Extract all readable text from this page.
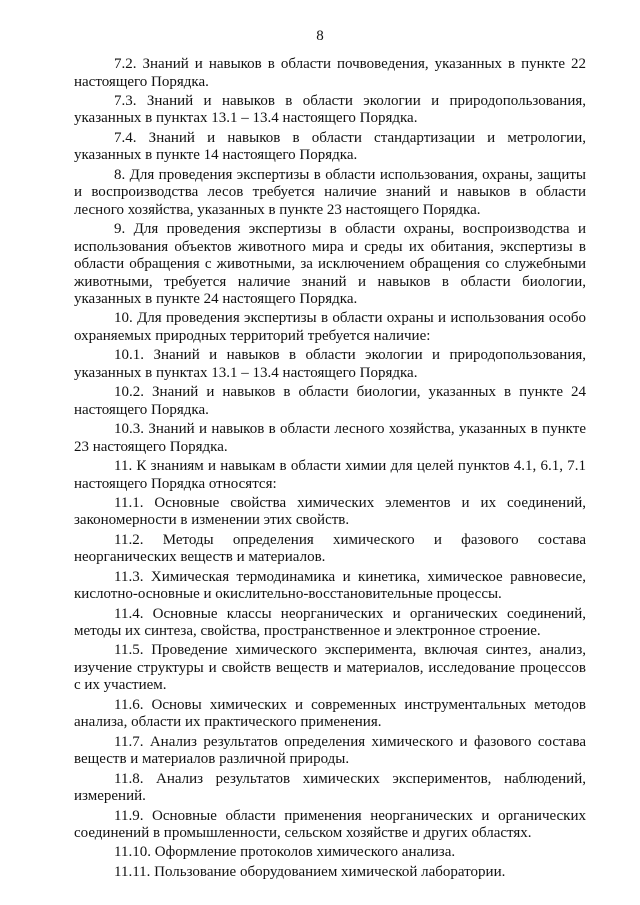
8

7.2. Знаний и навыков в области почвоведения, указанных в пункте 22 настоящего Порядка.

7.3. Знаний и навыков в области экологии и природопользования, указанных в пунктах 13.1 – 13.4 настоящего Порядка.

7.4. Знаний и навыков в области стандартизации и метрологии, указанных в пункте 14 настоящего Порядка.

8. Для проведения экспертизы в области использования, охраны, защиты и воспроизводства лесов требуется наличие знаний и навыков в области лесного хозяйства, указанных в пункте 23 настоящего Порядка.

9. Для проведения экспертизы в области охраны, воспроизводства и использования объектов животного мира и среды их обитания, экспертизы в области обращения с животными, за исключением обращения со служебными животными, требуется наличие знаний и навыков в области биологии, указанных в пункте 24 настоящего Порядка.

10. Для проведения экспертизы в области охраны и использования особо охраняемых природных территорий требуется наличие:

10.1. Знаний и навыков в области экологии и природопользования, указанных в пунктах 13.1 – 13.4 настоящего Порядка.

10.2. Знаний и навыков в области биологии, указанных в пункте 24 настоящего Порядка.

10.3. Знаний и навыков в области лесного хозяйства, указанных в пункте 23 настоящего Порядка.

11. К знаниям и навыкам в области химии для целей пунктов 4.1, 6.1, 7.1 настоящего Порядка относятся:

11.1. Основные свойства химических элементов и их соединений, закономерности в изменении этих свойств.

11.2. Методы определения химического и фазового состава неорганических веществ и материалов.

11.3. Химическая термодинамика и кинетика, химическое равновесие, кислотно-основные и окислительно-восстановительные процессы.

11.4. Основные классы неорганических и органических соединений, методы их синтеза, свойства, пространственное и электронное строение.

11.5. Проведение химического эксперимента, включая синтез, анализ, изучение структуры и свойств веществ и материалов, исследование процессов с их участием.

11.6. Основы химических и современных инструментальных методов анализа, области их практического применения.

11.7. Анализ результатов определения химического и фазового состава веществ и материалов различной природы.

11.8. Анализ результатов химических экспериментов, наблюдений, измерений.

11.9. Основные области применения неорганических и органических соединений в промышленности, сельском хозяйстве и других областях.

11.10. Оформление протоколов химического анализа.

11.11. Пользование оборудованием химической лаборатории.
